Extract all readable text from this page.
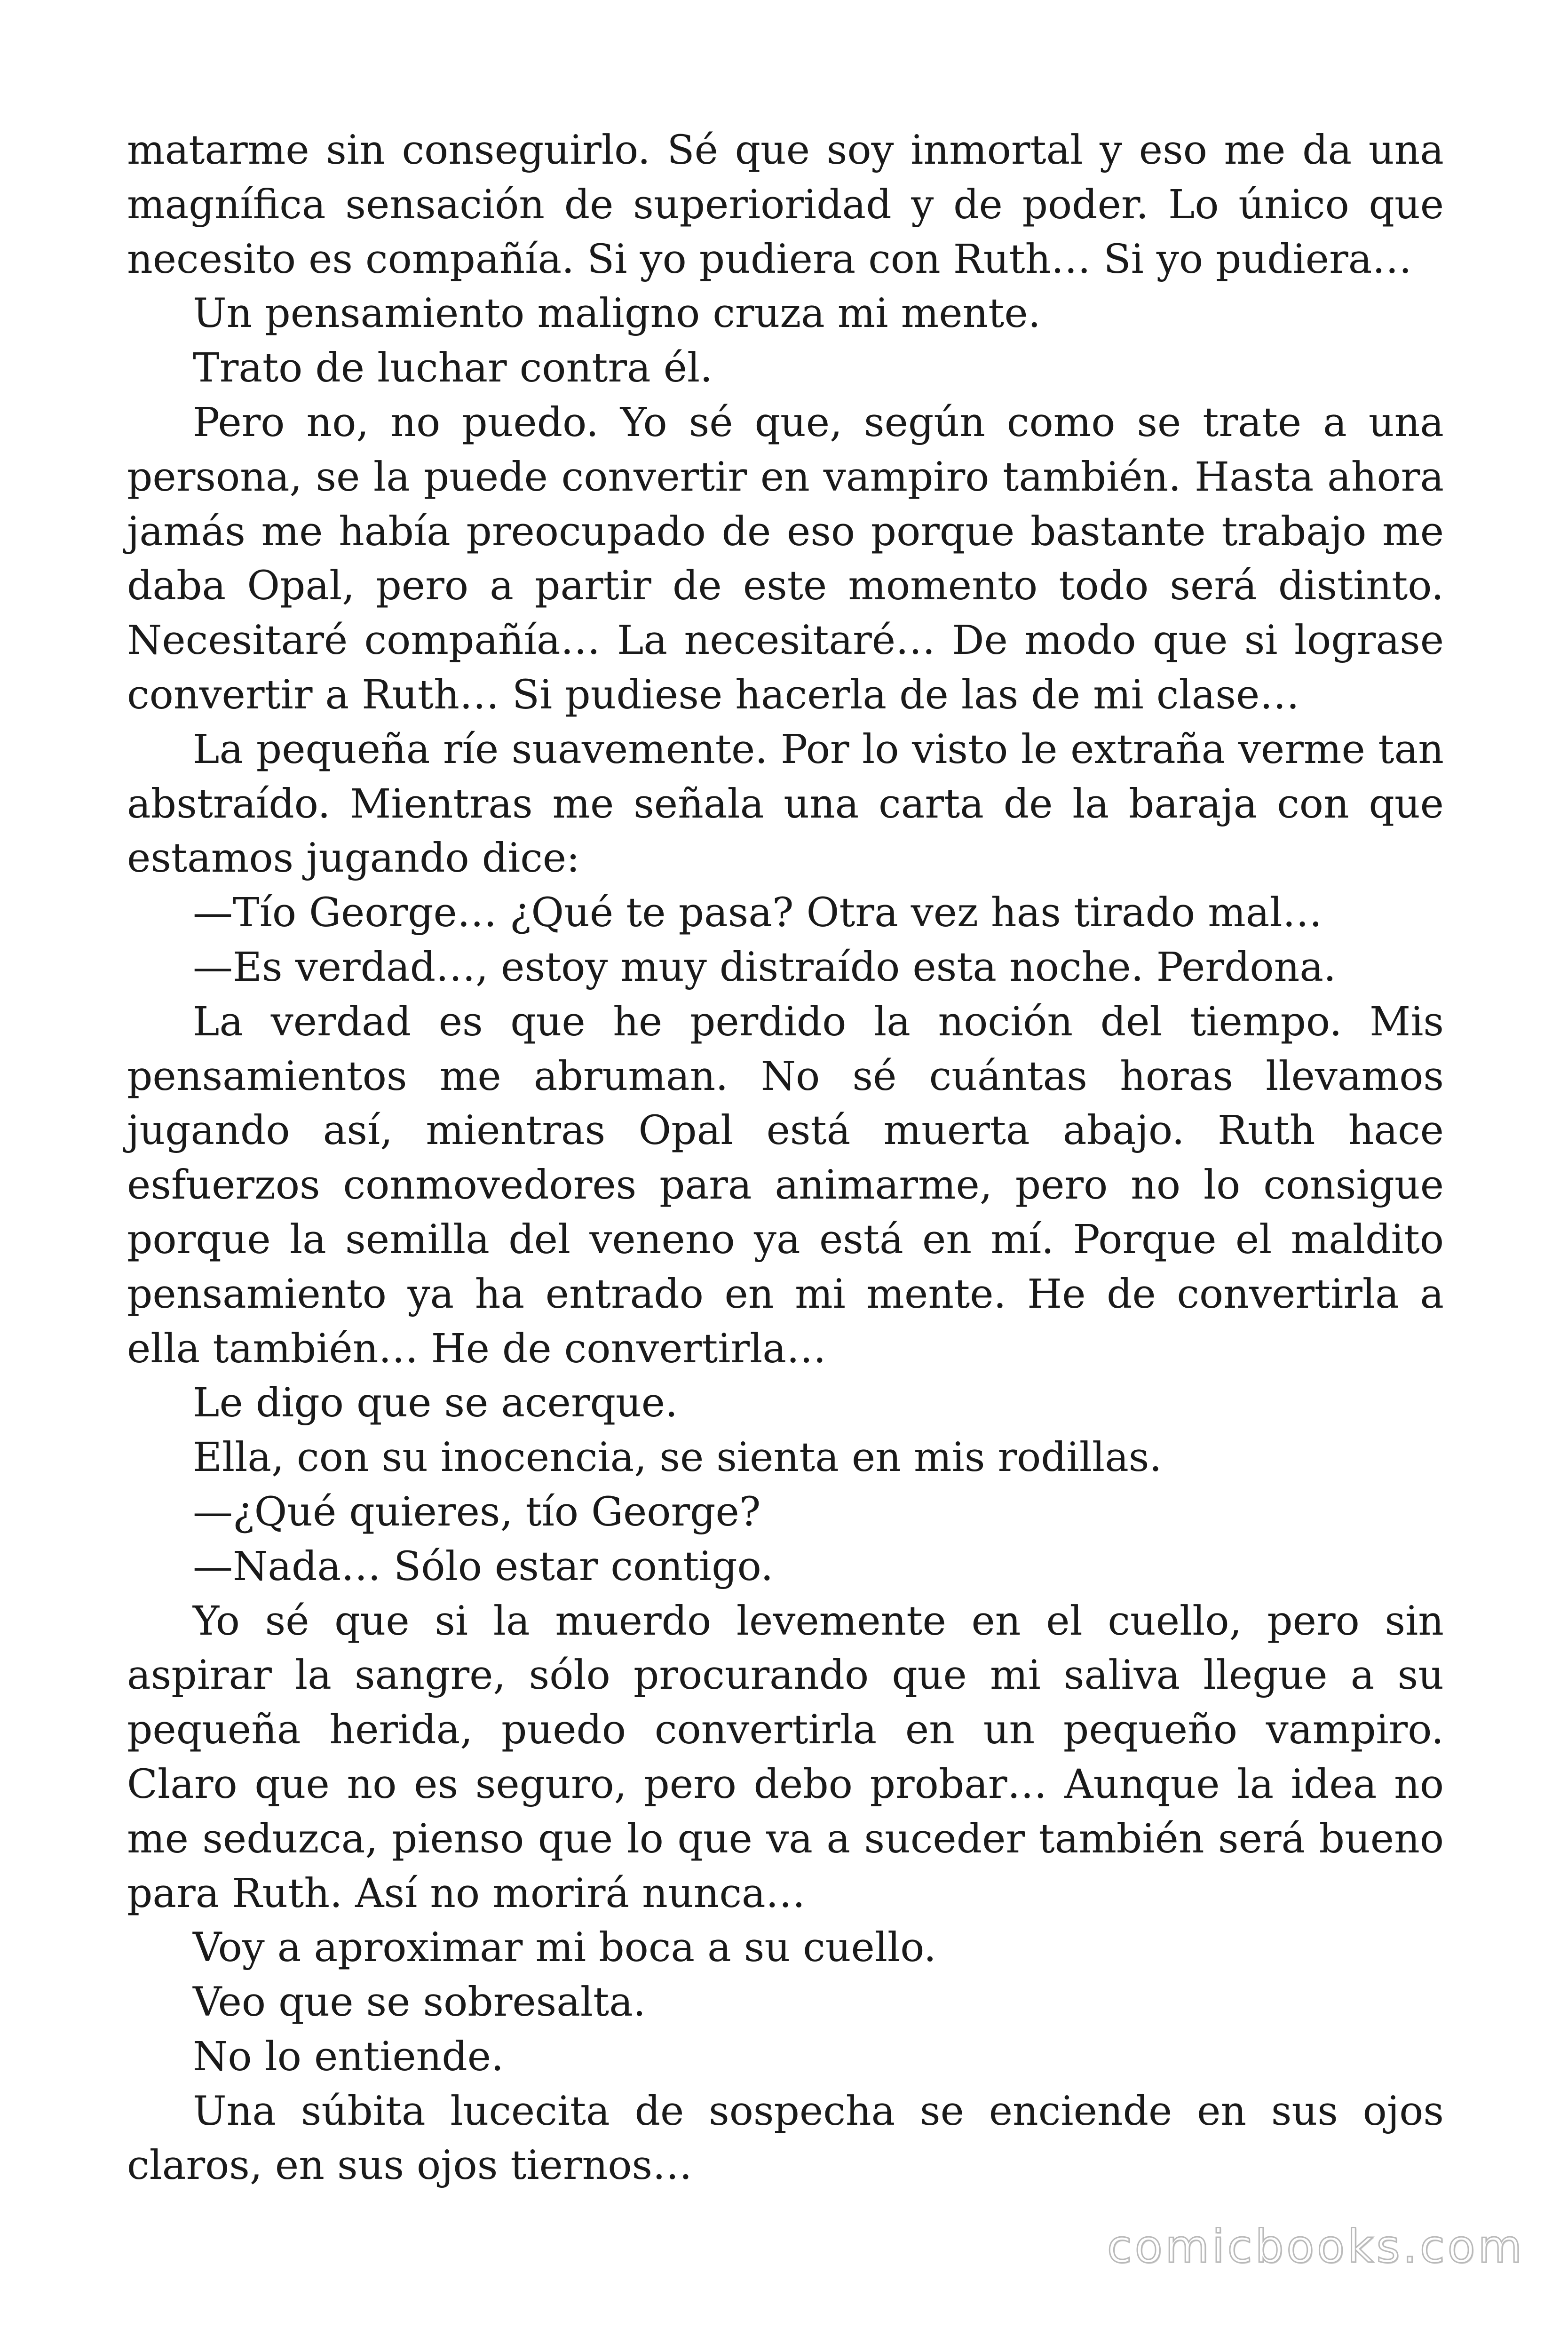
matarme sin conseguirlo. Sé que soy inmortal y eso me da una magnífica sensación de superioridad y de poder. Lo único que necesito es compañía. Si yo pudiera con Ruth… Si yo pudiera…

Un pensamiento maligno cruza mi mente.

Trato de luchar contra él.

Pero no, no puedo. Yo sé que, según como se trate a una persona, se la puede convertir en vampiro también. Hasta ahora jamás me había preocupado de eso porque bastante trabajo me daba Opal, pero a partir de este momento todo será distinto. Necesitaré compañía… La necesitaré… De modo que si lograse convertir a Ruth… Si pudiese hacerla de las de mi clase…

La pequeña ríe suavemente. Por lo visto le extraña verme tan abstraído. Mientras me señala una carta de la baraja con que estamos jugando dice:

—Tío George… ¿Qué te pasa? Otra vez has tirado mal…

—Es verdad…, estoy muy distraído esta noche. Perdona.

La verdad es que he perdido la noción del tiempo. Mis pensamientos me abruman. No sé cuántas horas llevamos jugando así, mientras Opal está muerta abajo. Ruth hace esfuerzos conmovedores para animarme, pero no lo consigue porque la semilla del veneno ya está en mí. Porque el maldito pensamiento ya ha entrado en mi mente. He de convertirla a ella también… He de convertirla…

Le digo que se acerque.

Ella, con su inocencia, se sienta en mis rodillas.

—¿Qué quieres, tío George?

—Nada… Sólo estar contigo.

Yo sé que si la muerdo levemente en el cuello, pero sin aspirar la sangre, sólo procurando que mi saliva llegue a su pequeña herida, puedo convertirla en un pequeño vampiro. Claro que no es seguro, pero debo probar… Aunque la idea no me seduzca, pienso que lo que va a suceder también será bueno para Ruth. Así no morirá nunca…

Voy a aproximar mi boca a su cuello.

Veo que se sobresalta.

No lo entiende.

Una súbita lucecita de sospecha se enciende en sus ojos claros, en sus ojos tiernos…

comicbooks.com
